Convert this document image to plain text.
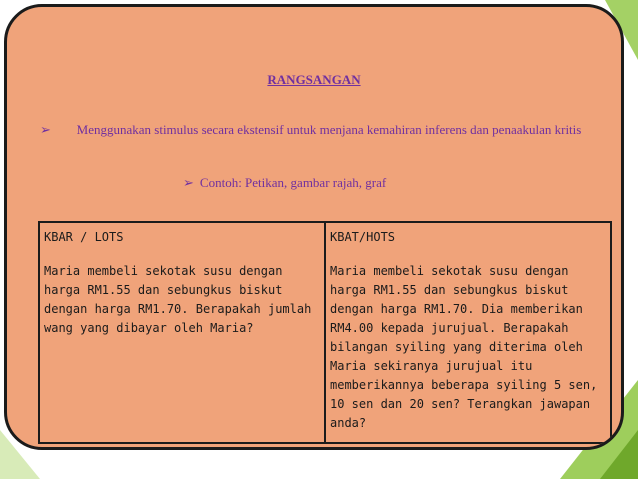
RANGSANGAN
➢	Menggunakan stimulus secara ekstensif untuk menjana kemahiran inferens dan penaakulan kritis
➢ Contoh: Petikan, gambar rajah, graf
KBAR / LOTS
Maria membeli sekotak susu dengan harga RM1.55 dan sebungkus biskut dengan harga RM1.70. Berapakah jumlah wang yang dibayar oleh Maria?

KBAT/HOTS
Maria membeli sekotak susu dengan harga RM1.55 dan sebungkus biskut dengan harga RM1.70. Dia memberikan RM4.00 kepada jurujual. Berapakah bilangan syiling yang diterima oleh Maria sekiranya jurujual itu memberikannya beberapa syiling 5 sen, 10 sen dan 20 sen? Terangkan jawapan anda?
